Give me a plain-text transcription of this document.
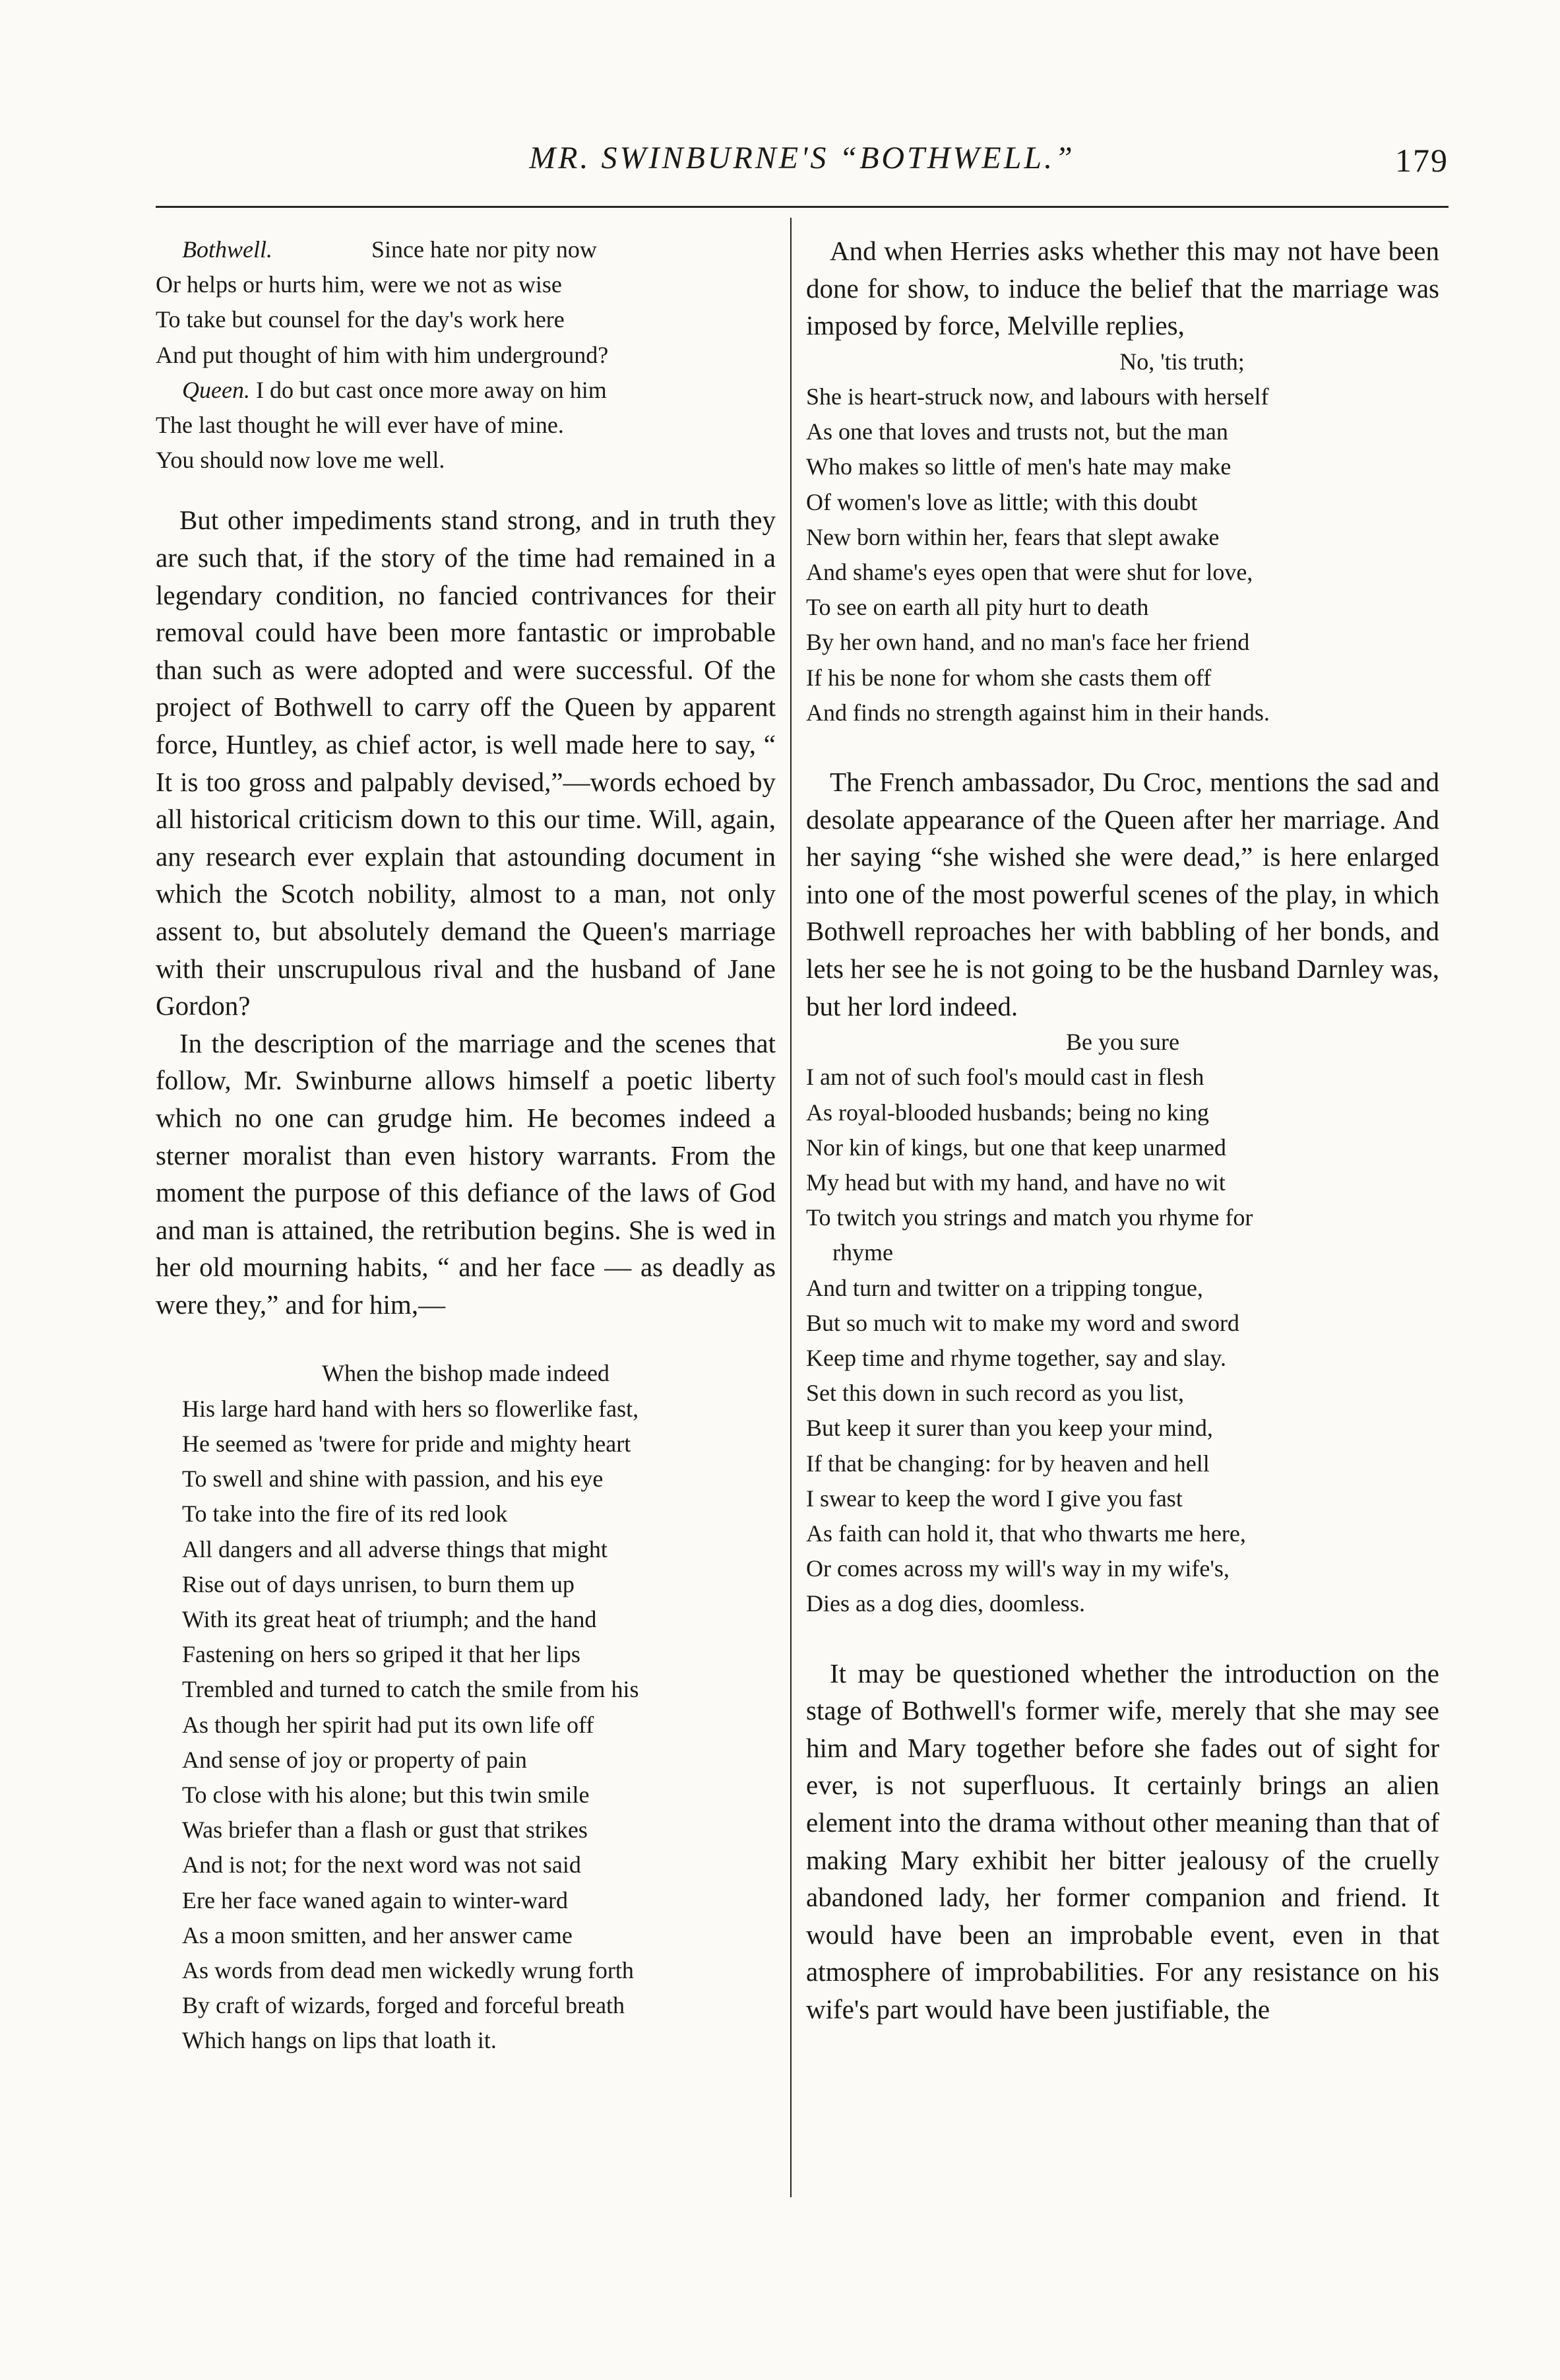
MR. SWINBURNE'S “BOTHWELL.”	179
Bothwell.	Since hate nor pity now
Or helps or hurts him, were we not as wise
To take but counsel for the day's work here
And put thought of him with him underground?
Queen. I do but cast once more away on him
The last thought he will ever have of mine.
You should now love me well.

But other impediments stand strong, and in truth they are such that, if the story of the time had remained in a legendary condition, no fancied contrivances for their removal could have been more fantastic or improbable than such as were adopted and were successful. Of the project of Bothwell to carry off the Queen by apparent force, Huntley, as chief actor, is well made here to say, “ It is too gross and palpably devised,”—words echoed by all historical criticism down to this our time. Will, again, any research ever explain that astounding document in which the Scotch nobility, almost to a man, not only assent to, but absolutely demand the Queen's marriage with their unscrupulous rival and the husband of Jane Gordon?

In the description of the marriage and the scenes that follow, Mr. Swinburne allows himself a poetic liberty which no one can grudge him. He becomes indeed a sterner moralist than even history warrants. From the moment the purpose of this defiance of the laws of God and man is attained, the retribution begins. She is wed in her old mourning habits, “ and her face — as deadly as were they,” and for him,—

When the bishop made indeed
His large hard hand with hers so flowerlike fast,
He seemed as 'twere for pride and mighty heart
To swell and shine with passion, and his eye
To take into the fire of its red look
All dangers and all adverse things that might
Rise out of days unrisen, to burn them up
With its great heat of triumph; and the hand
Fastening on hers so griped it that her lips
Trembled and turned to catch the smile from his
As though her spirit had put its own life off
And sense of joy or property of pain
To close with his alone; but this twin smile
Was briefer than a flash or gust that strikes
And is not; for the next word was not said
Ere her face waned again to winter-ward
As a moon smitten, and her answer came
As words from dead men wickedly wrung forth
By craft of wizards, forged and forceful breath
Which hangs on lips that loath it.

And when Herries asks whether this may not have been done for show, to induce the belief that the marriage was imposed by force, Melville replies,

No, 'tis truth;
She is heart-struck now, and labours with herself
As one that loves and trusts not, but the man
Who makes so little of men's hate may make
Of women's love as little; with this doubt
New born within her, fears that slept awake
And shame's eyes open that were shut for love,
To see on earth all pity hurt to death
By her own hand, and no man's face her friend
If his be none for whom she casts them off
And finds no strength against him in their hands.

The French ambassador, Du Croc, mentions the sad and desolate appearance of the Queen after her marriage. And her saying “she wished she were dead,” is here enlarged into one of the most powerful scenes of the play, in which Bothwell reproaches her with babbling of her bonds, and lets her see he is not going to be the husband Darnley was, but her lord indeed.

Be you sure
I am not of such fool's mould cast in flesh
As royal-blooded husbands; being no king
Nor kin of kings, but one that keep unarmed
My head but with my hand, and have no wit
To twitch you strings and match you rhyme for
rhyme
And turn and twitter on a tripping tongue,
But so much wit to make my word and sword
Keep time and rhyme together, say and slay.
Set this down in such record as you list,
But keep it surer than you keep your mind,
If that be changing: for by heaven and hell
I swear to keep the word I give you fast
As faith can hold it, that who thwarts me here,
Or comes across my will's way in my wife's,
Dies as a dog dies, doomless.

It may be questioned whether the introduction on the stage of Bothwell's former wife, merely that she may see him and Mary together before she fades out of sight for ever, is not superfluous. It certainly brings an alien element into the drama without other meaning than that of making Mary exhibit her bitter jealousy of the cruelly abandoned lady, her former companion and friend. It would have been an improbable event, even in that atmosphere of improbabilities. For any resistance on his wife's part would have been justifiable, the
